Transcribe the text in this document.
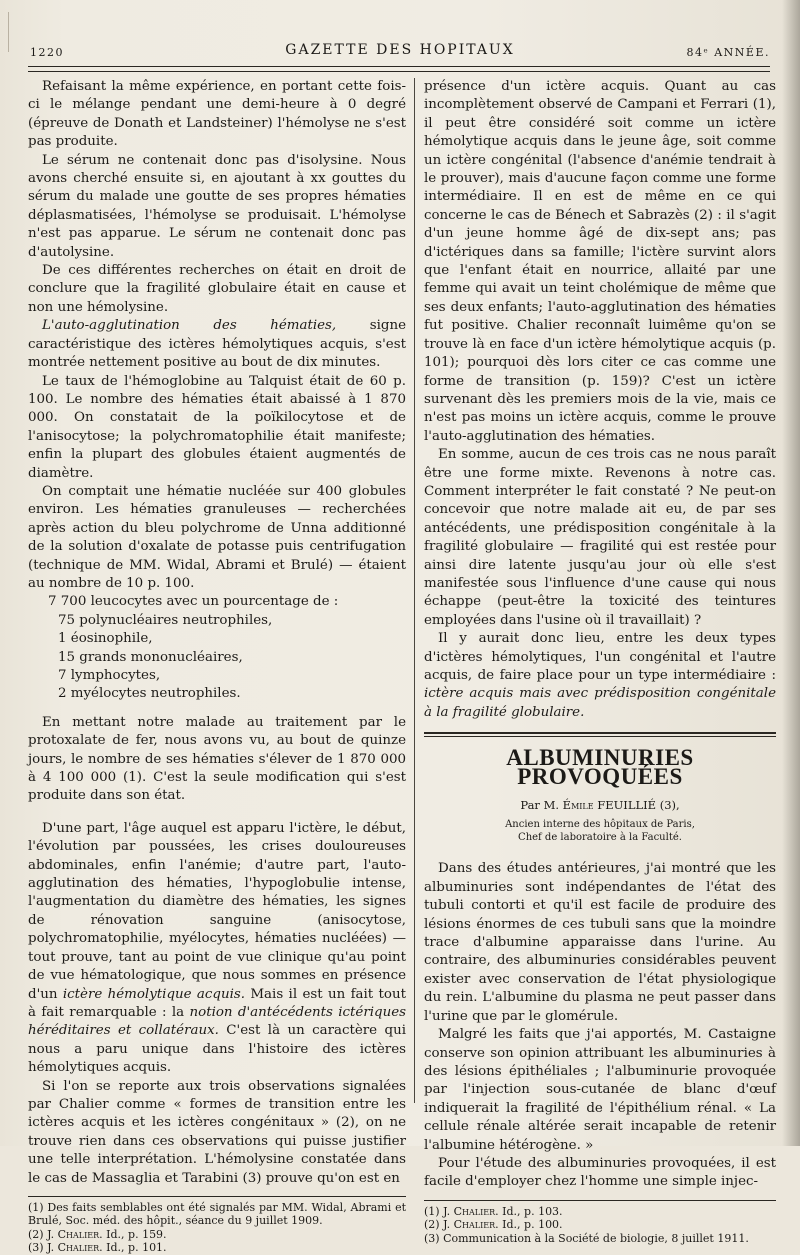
1220	GAZETTE DES HOPITAUX	84ᵉ ANNÉE.

Refaisant la même expérience, en portant cette fois-ci le mélange pendant une demi-heure à 0 degré (épreuve de Donath et Landsteiner) l'hémolyse ne s'est pas produite.

Le sérum ne contenait donc pas d'isolysine. Nous avons cherché ensuite si, en ajoutant à xx gouttes du sérum du malade une goutte de ses propres hématies déplasmatisées, l'hémolyse se produisait. L'hémolyse n'est pas apparue. Le sérum ne contenait donc pas d'autolysine.

De ces différentes recherches on était en droit de conclure que la fragilité globulaire était en cause et non une hémolysine.

L'auto-agglutination des hématies, signe caractéristique des ictères hémolytiques acquis, s'est montrée nettement positive au bout de dix minutes.

Le taux de l'hémoglobine au Talquist était de 60 p. 100. Le nombre des hématies était abaissé à 1 870 000. On constatait de la poïkilocytose et de l'anisocytose; la polychromatophilie était manifeste; enfin la plupart des globules étaient augmentés de diamètre.

On comptait une hématie nucléée sur 400 globules environ. Les hématies granuleuses — recherchées après action du bleu polychrome de Unna additionné de la solution d'oxalate de potasse puis centrifugation (technique de MM. Widal, Abrami et Brulé) — étaient au nombre de 10 p. 100.

7 700 leucocytes avec un pourcentage de :
75 polynucléaires neutrophiles,
1 éosinophile,
15 grands mononucléaires,
7 lymphocytes,
2 myélocytes neutrophiles.

En mettant notre malade au traitement par le protoxalate de fer, nous avons vu, au bout de quinze jours, le nombre de ses hématies s'élever de 1 870 000 à 4 100 000 (1). C'est la seule modification qui s'est produite dans son état.

D'une part, l'âge auquel est apparu l'ictère, le début, l'évolution par poussées, les crises douloureuses abdominales, enfin l'anémie; d'autre part, l'auto-agglutination des hématies, l'hypoglobulie intense, l'augmentation du diamètre des hématies, les signes de rénovation sanguine (anisocytose, polychromatophilie, myélocytes, hématies nucléées) — tout prouve, tant au point de vue clinique qu'au point de vue hématologique, que nous sommes en présence d'un ictère hémolytique acquis. Mais il est un fait tout à fait remarquable : la notion d'antécédents ictériques héréditaires et collatéraux. C'est là un caractère qui nous a paru unique dans l'histoire des ictères hémolytiques acquis.

Si l'on se reporte aux trois observations signalées par Chalier comme « formes de transition entre les ictères acquis et les ictères congénitaux » (2), on ne trouve rien dans ces observations qui puisse justifier une telle interprétation. L'hémolysine constatée dans le cas de Massaglia et Tarabini (3) prouve qu'on est en

(1) Des faits semblables ont été signalés par MM. Widal, Abrami et Brulé, Soc. méd. des hôpit., séance du 9 juillet 1909.

(2) J. Chalier. Id., p. 159.

(3) J. Chalier. Id., p. 101.

présence d'un ictère acquis. Quant au cas incomplètement observé de Campani et Ferrari (1), il peut être considéré soit comme un ictère hémolytique acquis dans le jeune âge, soit comme un ictère congénital (l'absence d'anémie tendrait à le prouver), mais d'aucune façon comme une forme intermédiaire. Il en est de même en ce qui concerne le cas de Bénech et Sabrazès (2) : il s'agit d'un jeune homme âgé de dix-sept ans; pas d'ictériques dans sa famille; l'ictère survint alors que l'enfant était en nourrice, allaité par une femme qui avait un teint cholémique de même que ses deux enfants; l'auto-agglutination des hématies fut positive. Chalier reconnaît luimême qu'on se trouve là en face d'un ictère hémolytique acquis (p. 101); pourquoi dès lors citer ce cas comme une forme de transition (p. 159)? C'est un ictère survenant dès les premiers mois de la vie, mais ce n'est pas moins un ictère acquis, comme le prouve l'auto-agglutination des hématies.

En somme, aucun de ces trois cas ne nous paraît être une forme mixte. Revenons à notre cas. Comment interpréter le fait constaté ? Ne peut-on concevoir que notre malade ait eu, de par ses antécédents, une prédisposition congénitale à la fragilité globulaire — fragilité qui est restée pour ainsi dire latente jusqu'au jour où elle s'est manifestée sous l'influence d'une cause qui nous échappe (peut-être la toxicité des teintures employées dans l'usine où il travaillait) ?

Il y aurait donc lieu, entre les deux types d'ictères hémolytiques, l'un congénital et l'autre acquis, de faire place pour un type intermédiaire : ictère acquis mais avec prédisposition congénitale à la fragilité globulaire.

ALBUMINURIES PROVOQUÉES
Par M. Émile FEUILLIÉ (3),
Ancien interne des hôpitaux de Paris,
Chef de laboratoire à la Faculté.

Dans des études antérieures, j'ai montré que les albuminuries sont indépendantes de l'état des tubuli contorti et qu'il est facile de produire des lésions énormes de ces tubuli sans que la moindre trace d'albumine apparaisse dans l'urine. Au contraire, des albuminuries considérables peuvent exister avec conservation de l'état physiologique du rein. L'albumine du plasma ne peut passer dans l'urine que par le glomérule.

Malgré les faits que j'ai apportés, M. Castaigne conserve son opinion attribuant les albuminuries à des lésions épithéliales ; l'albuminurie provoquée par l'injection sous-cutanée de blanc d'œuf indiquerait la fragilité de l'épithélium rénal. « La cellule rénale altérée serait incapable de retenir l'albumine hétérogène. »

Pour l'étude des albuminuries provoquées, il est facile d'employer chez l'homme une simple injec-

(1) J. Chalier. Id., p. 103.

(2) J. Chalier. Id., p. 100.

(3) Communication à la Société de biologie, 8 juillet 1911.
